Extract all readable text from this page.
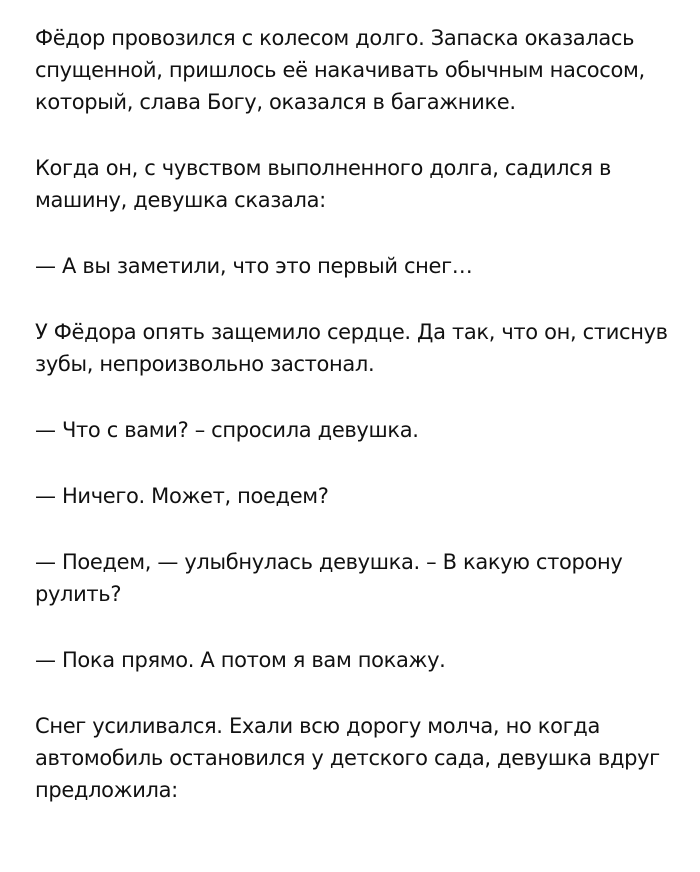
Фёдор провозился с колесом долго. Запаска оказалась спущенной, пришлось её накачивать обычным насосом, который, слава Богу, оказался в багажнике.

Когда он, с чувством выполненного долга, садился в машину, девушка сказала:

— А вы заметили, что это первый снег…

У Фёдора опять защемило сердце. Да так, что он, стиснув зубы, непроизвольно застонал.

— Что с вами? – спросила девушка.

— Ничего. Может, поедем?

— Поедем, — улыбнулась девушка. – В какую сторону рулить?

— Пока прямо. А потом я вам покажу.

Снег усиливался. Ехали всю дорогу молча, но когда автомобиль остановился у детского сада, девушка вдруг предложила:
